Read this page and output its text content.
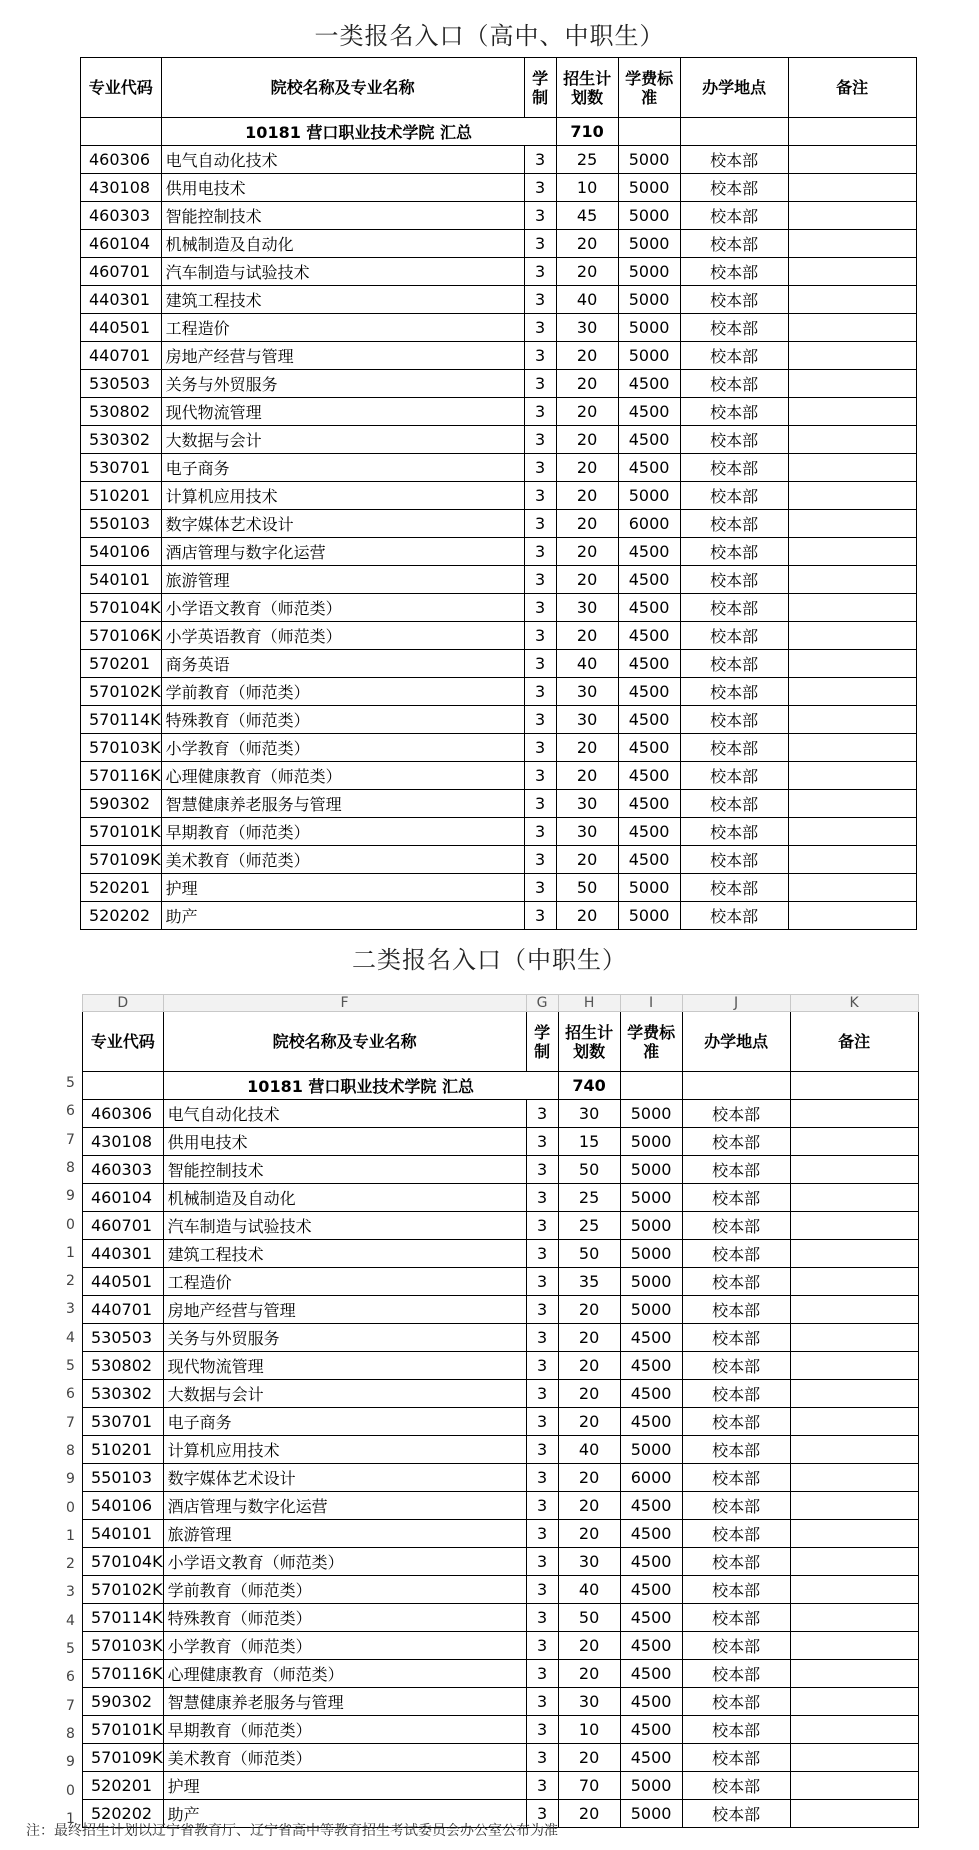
一类报名入口（高中、中职生）
专业代码	院校名称及专业名称	学制	招生计划数	学费标准	办学地点	备注
	10181 营口职业技术学院 汇总		710			
460306	电气自动化技术	3	25	5000	校本部	
430108	供用电技术	3	10	5000	校本部	
460303	智能控制技术	3	45	5000	校本部	
460104	机械制造及自动化	3	20	5000	校本部	
460701	汽车制造与试验技术	3	20	5000	校本部	
440301	建筑工程技术	3	40	5000	校本部	
440501	工程造价	3	30	5000	校本部	
440701	房地产经营与管理	3	20	5000	校本部	
530503	关务与外贸服务	3	20	4500	校本部	
530802	现代物流管理	3	20	4500	校本部	
530302	大数据与会计	3	20	4500	校本部	
530701	电子商务	3	20	4500	校本部	
510201	计算机应用技术	3	20	5000	校本部	
550103	数字媒体艺术设计	3	20	6000	校本部	
540106	酒店管理与数字化运营	3	20	4500	校本部	
540101	旅游管理	3	20	4500	校本部	
570104K	小学语文教育（师范类）	3	30	4500	校本部	
570106K	小学英语教育（师范类）	3	20	4500	校本部	
570201	商务英语	3	40	4500	校本部	
570102K	学前教育（师范类）	3	30	4500	校本部	
570114K	特殊教育（师范类）	3	30	4500	校本部	
570103K	小学教育（师范类）	3	20	4500	校本部	
570116K	心理健康教育（师范类）	3	20	4500	校本部	
590302	智慧健康养老服务与管理	3	30	4500	校本部	
570101K	早期教育（师范类）	3	30	4500	校本部	
570109K	美术教育（师范类）	3	20	4500	校本部	
520201	护理	3	50	5000	校本部	
520202	助产	3	20	5000	校本部	
二类报名入口（中职生）
D	F	G	H	I	J	K
专业代码	院校名称及专业名称	学制	招生计划数	学费标准	办学地点	备注
	10181 营口职业技术学院 汇总		740			
460306	电气自动化技术	3	30	5000	校本部	
430108	供用电技术	3	15	5000	校本部	
460303	智能控制技术	3	50	5000	校本部	
460104	机械制造及自动化	3	25	5000	校本部	
460701	汽车制造与试验技术	3	25	5000	校本部	
440301	建筑工程技术	3	50	5000	校本部	
440501	工程造价	3	35	5000	校本部	
440701	房地产经营与管理	3	20	5000	校本部	
530503	关务与外贸服务	3	20	4500	校本部	
530802	现代物流管理	3	20	4500	校本部	
530302	大数据与会计	3	20	4500	校本部	
530701	电子商务	3	20	4500	校本部	
510201	计算机应用技术	3	40	5000	校本部	
550103	数字媒体艺术设计	3	20	6000	校本部	
540106	酒店管理与数字化运营	3	20	4500	校本部	
540101	旅游管理	3	20	4500	校本部	
570104K	小学语文教育（师范类）	3	30	4500	校本部	
570102K	学前教育（师范类）	3	40	4500	校本部	
570114K	特殊教育（师范类）	3	50	4500	校本部	
570103K	小学教育（师范类）	3	20	4500	校本部	
570116K	心理健康教育（师范类）	3	20	4500	校本部	
590302	智慧健康养老服务与管理	3	30	4500	校本部	
570101K	早期教育（师范类）	3	10	4500	校本部	
570109K	美术教育（师范类）	3	20	4500	校本部	
520201	护理	3	70	5000	校本部	
520202	助产	3	20	5000	校本部	
5
6
7
8
9
0
1
2
3
4
5
6
7
8
9
0
1
2
3
4
5
6
7
8
9
0
1
注：最终招生计划以辽宁省教育厅、辽宁省高中等教育招生考试委员会办公室公布为准
